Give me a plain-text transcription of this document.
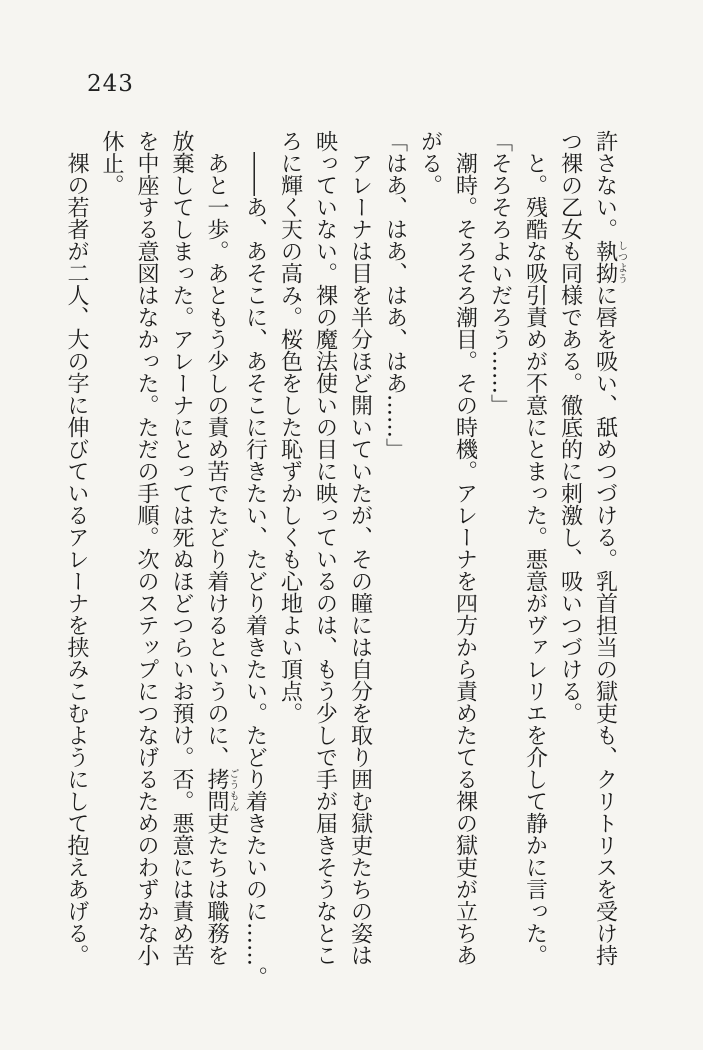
243
許さない。執拗しつように唇を吸い、舐めつづける。乳首担当の獄吏も、クリトリスを受け持
つ裸の乙女も同様である。徹底的に刺激し、吸いつづける。
と。残酷な吸引責めが不意にとまった。悪意がヴァレリエを介して静かに言った。
「そろそろよいだろう……」
潮時。そろそろ潮目。その時機。アレーナを四方から責めたてる裸の獄吏が立ちあ
がる。
「はあ、はあ、はあ、はあ……」
アレーナは目を半分ほど開いていたが、その瞳には自分を取り囲む獄吏たちの姿は
映っていない。裸の魔法使いの目に映っているのは、もう少しで手が届きそうなとこ
ろに輝く天の高み。桜色をした恥ずかしくも心地よい頂点。
――あ、あそこに、あそこに行きたい、たどり着きたい。たどり着きたいのに……。
あと一歩。あともう少しの責め苦でたどり着けるというのに、拷問ごうもん吏たちは職務を
放棄してしまった。アレーナにとっては死ぬほどつらいお預け。否。悪意には責め苦
を中座する意図はなかった。ただの手順。次のステップにつなげるためのわずかな小
休止。
裸の若者が二人、大の字に伸びているアレーナを挟みこむようにして抱えあげる。
